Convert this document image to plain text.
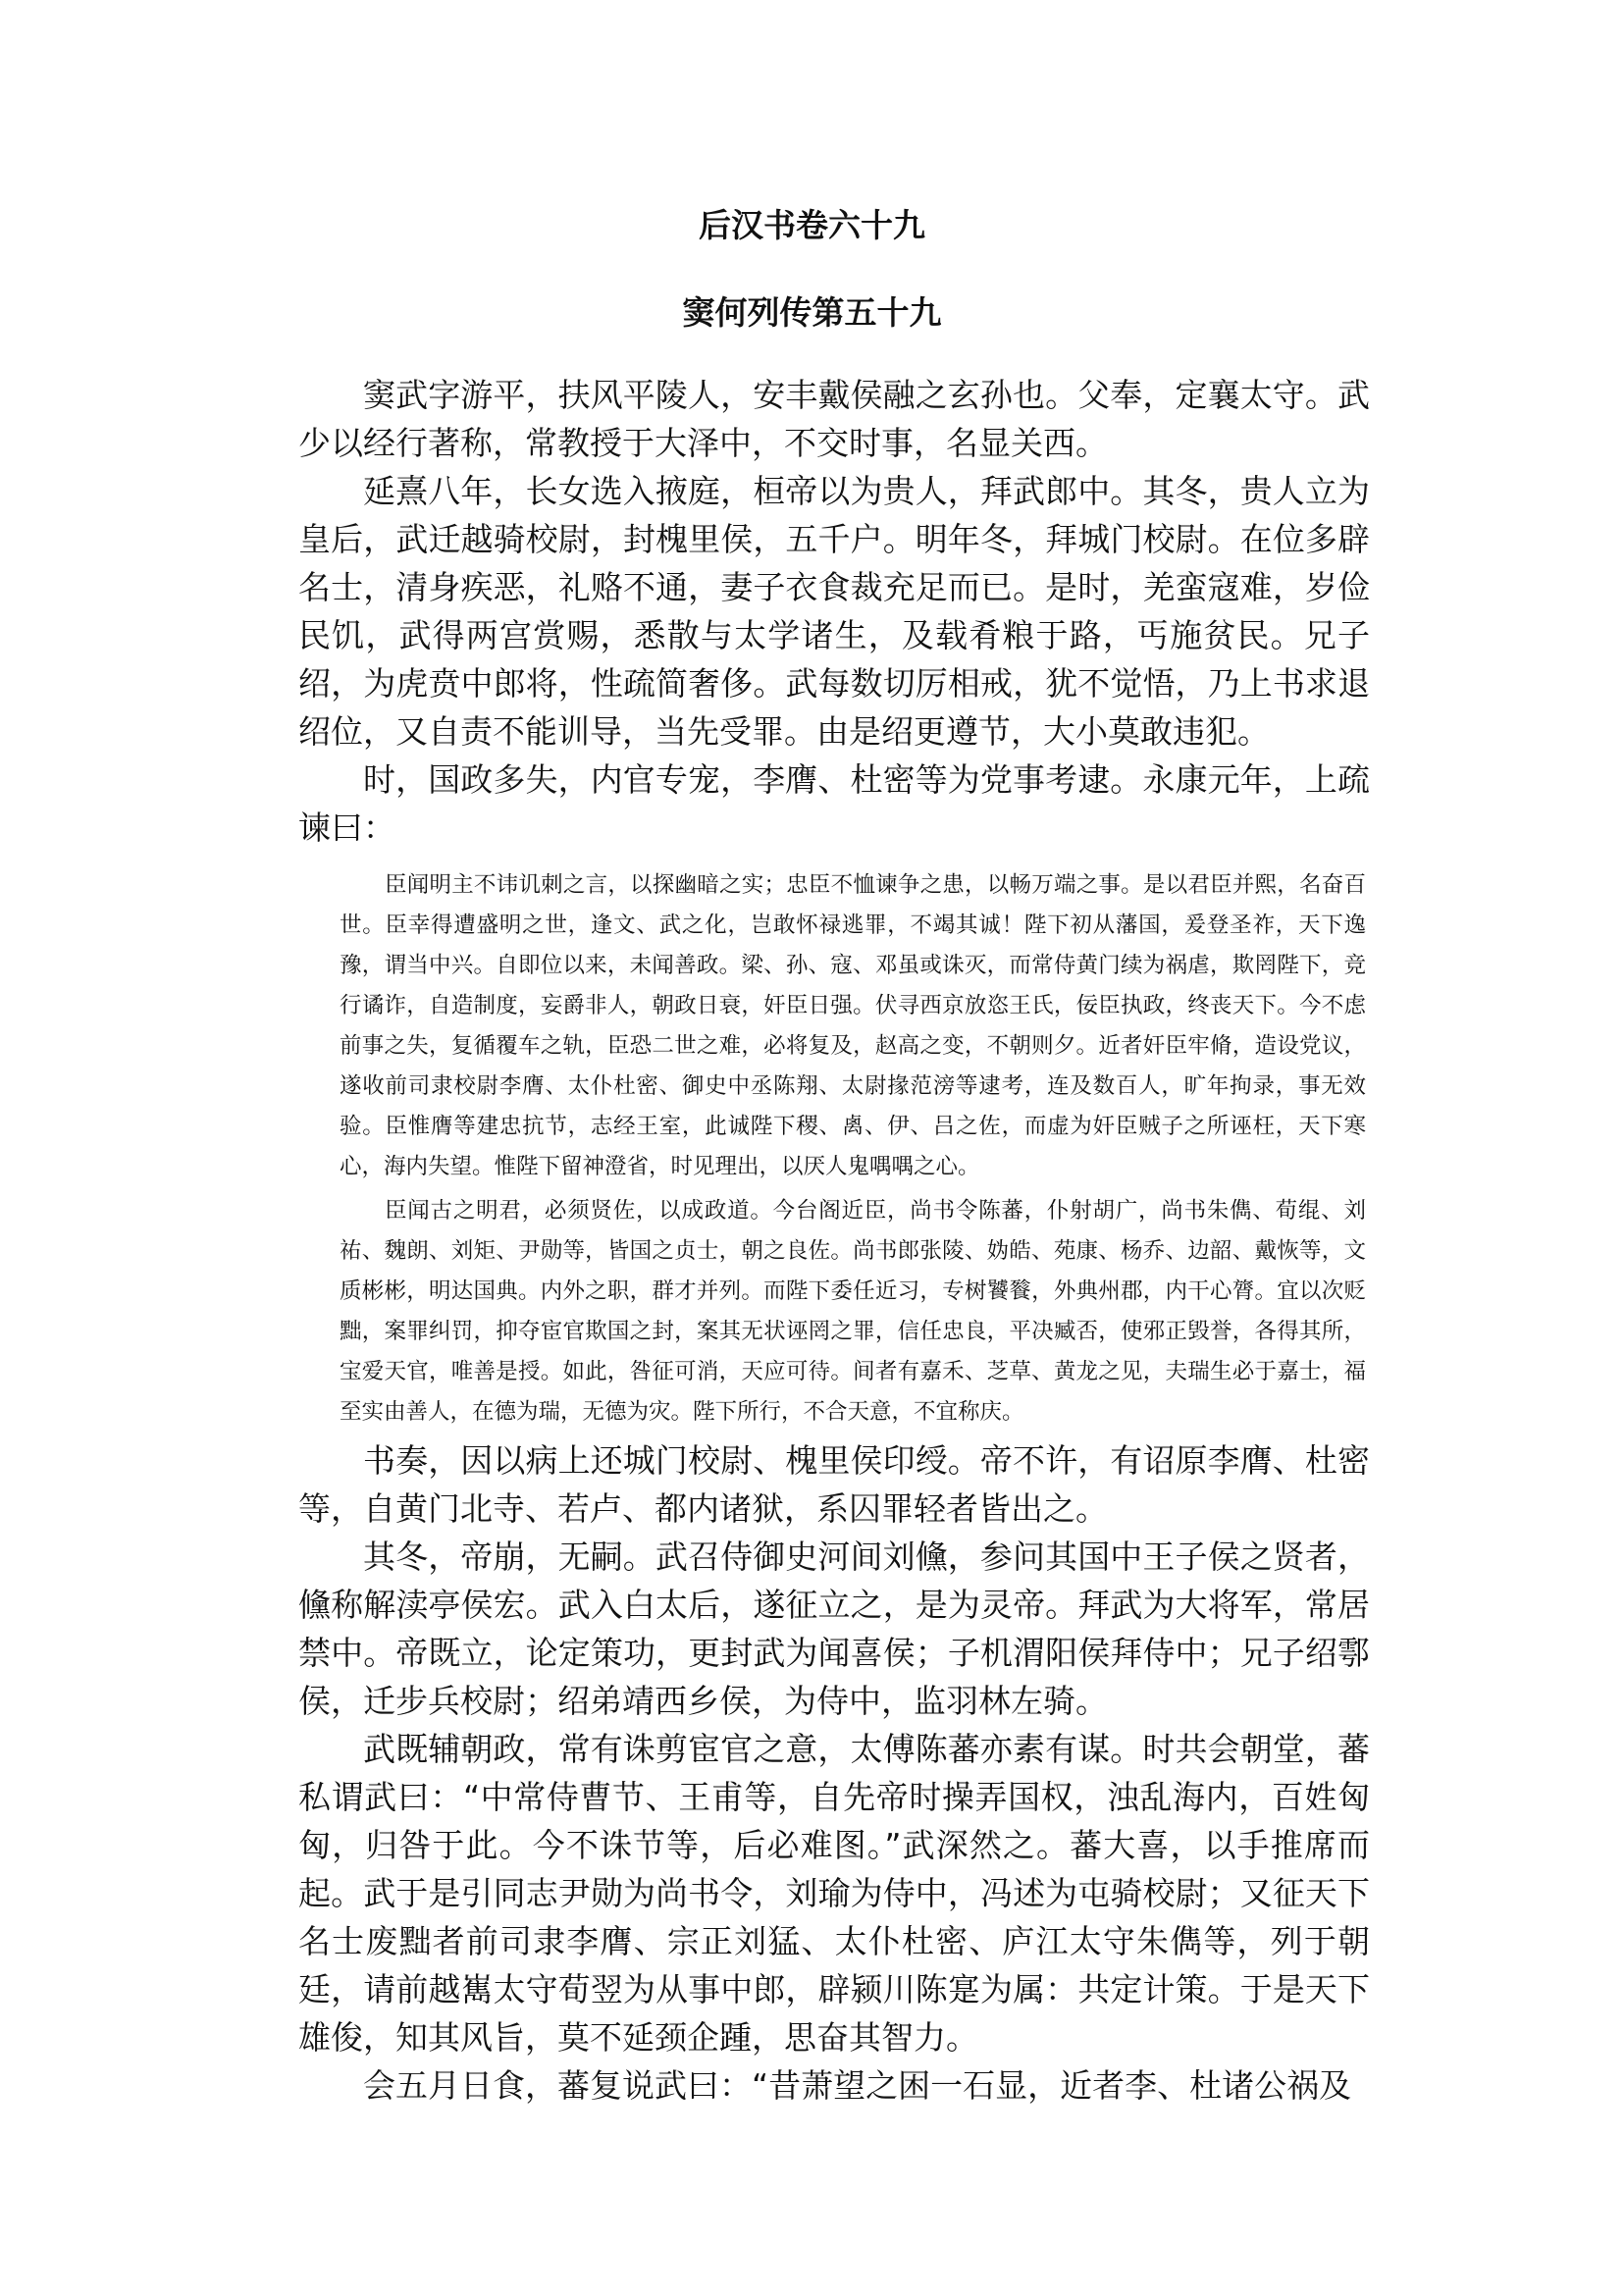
后汉书卷六十九
窦何列传第五十九

窦武字游平，扶风平陵人，安丰戴侯融之玄孙也。父奉，定襄太守。武少以经行著称，常教授于大泽中，不交时事，名显关西。

延熹八年，长女选入掖庭，桓帝以为贵人，拜武郎中。其冬，贵人立为皇后，武迁越骑校尉，封槐里侯，五千户。明年冬，拜城门校尉。在位多辟名士，清身疾恶，礼赂不通，妻子衣食裁充足而已。是时，羌蛮寇难，岁俭民饥，武得两宫赏赐，悉散与太学诸生，及载肴粮于路，丐施贫民。兄子绍，为虎贲中郎将，性疏简奢侈。武每数切厉相戒，犹不觉悟，乃上书求退绍位，又自责不能训导，当先受罪。由是绍更遵节，大小莫敢违犯。

时，国政多失，内官专宠，李膺、杜密等为党事考逮。永康元年，上疏谏曰：

臣闻明主不讳讥刺之言，以探幽暗之实；忠臣不恤谏争之患，以畅万端之事。是以君臣并熙，名奋百世。臣幸得遭盛明之世，逢文、武之化，岂敢怀禄逃罪，不竭其诚！陛下初从藩国，爰登圣祚，天下逸豫，谓当中兴。自即位以来，未闻善政。梁、孙、寇、邓虽或诛灭，而常侍黄门续为祸虐，欺罔陛下，竞行谲诈，自造制度，妄爵非人，朝政日衰，奸臣日强。伏寻西京放恣王氏，佞臣执政，终丧天下。今不虑前事之失，复循覆车之轨，臣恐二世之难，必将复及，赵高之变，不朝则夕。近者奸臣牢脩，造设党议，遂收前司隶校尉李膺、太仆杜密、御史中丞陈翔、太尉掾范滂等逮考，连及数百人，旷年拘录，事无效验。臣惟膺等建忠抗节，志经王室，此诚陛下稷、禼、伊、吕之佐，而虚为奸臣贼子之所诬枉，天下寒心，海内失望。惟陛下留神澄省，时见理出，以厌人鬼喁喁之心。

臣闻古之明君，必须贤佐，以成政道。今台阁近臣，尚书令陈蕃，仆射胡广，尚书朱儁、荀绲、刘祐、魏朗、刘矩、尹勋等，皆国之贞士，朝之良佐。尚书郎张陵、妫皓、苑康、杨乔、边韶、戴恢等，文质彬彬，明达国典。内外之职，群才并列。而陛下委任近习，专树饕餮，外典州郡，内干心膂。宜以次贬黜，案罪纠罚，抑夺宦官欺国之封，案其无状诬罔之罪，信任忠良，平决臧否，使邪正毁誉，各得其所，宝爱天官，唯善是授。如此，咎征可消，天应可待。间者有嘉禾、芝草、黄龙之见，夫瑞生必于嘉士，福至实由善人，在德为瑞，无德为灾。陛下所行，不合天意，不宜称庆。

书奏，因以病上还城门校尉、槐里侯印绶。帝不许，有诏原李膺、杜密等，自黄门北寺、若卢、都内诸狱，系囚罪轻者皆出之。

其冬，帝崩，无嗣。武召侍御史河间刘儵，参问其国中王子侯之贤者，儵称解渎亭侯宏。武入白太后，遂征立之，是为灵帝。拜武为大将军，常居禁中。帝既立，论定策功，更封武为闻喜侯；子机渭阳侯拜侍中；兄子绍鄠侯，迁步兵校尉；绍弟靖西乡侯，为侍中，监羽林左骑。

武既辅朝政，常有诛剪宦官之意，太傅陈蕃亦素有谋。时共会朝堂，蕃私谓武曰：“中常侍曹节、王甫等，自先帝时操弄国权，浊乱海内，百姓匈匈，归咎于此。今不诛节等，后必难图。”武深然之。蕃大喜，以手推席而起。武于是引同志尹勋为尚书令，刘瑜为侍中，冯述为屯骑校尉；又征天下名士废黜者前司隶李膺、宗正刘猛、太仆杜密、庐江太守朱儁等，列于朝廷，请前越嶲太守荀翌为从事中郎，辟颍川陈寔为属：共定计策。于是天下雄俊，知其风旨，莫不延颈企踵，思奋其智力。

会五月日食，蕃复说武曰：“昔萧望之困一石显，近者李、杜诸公祸及
